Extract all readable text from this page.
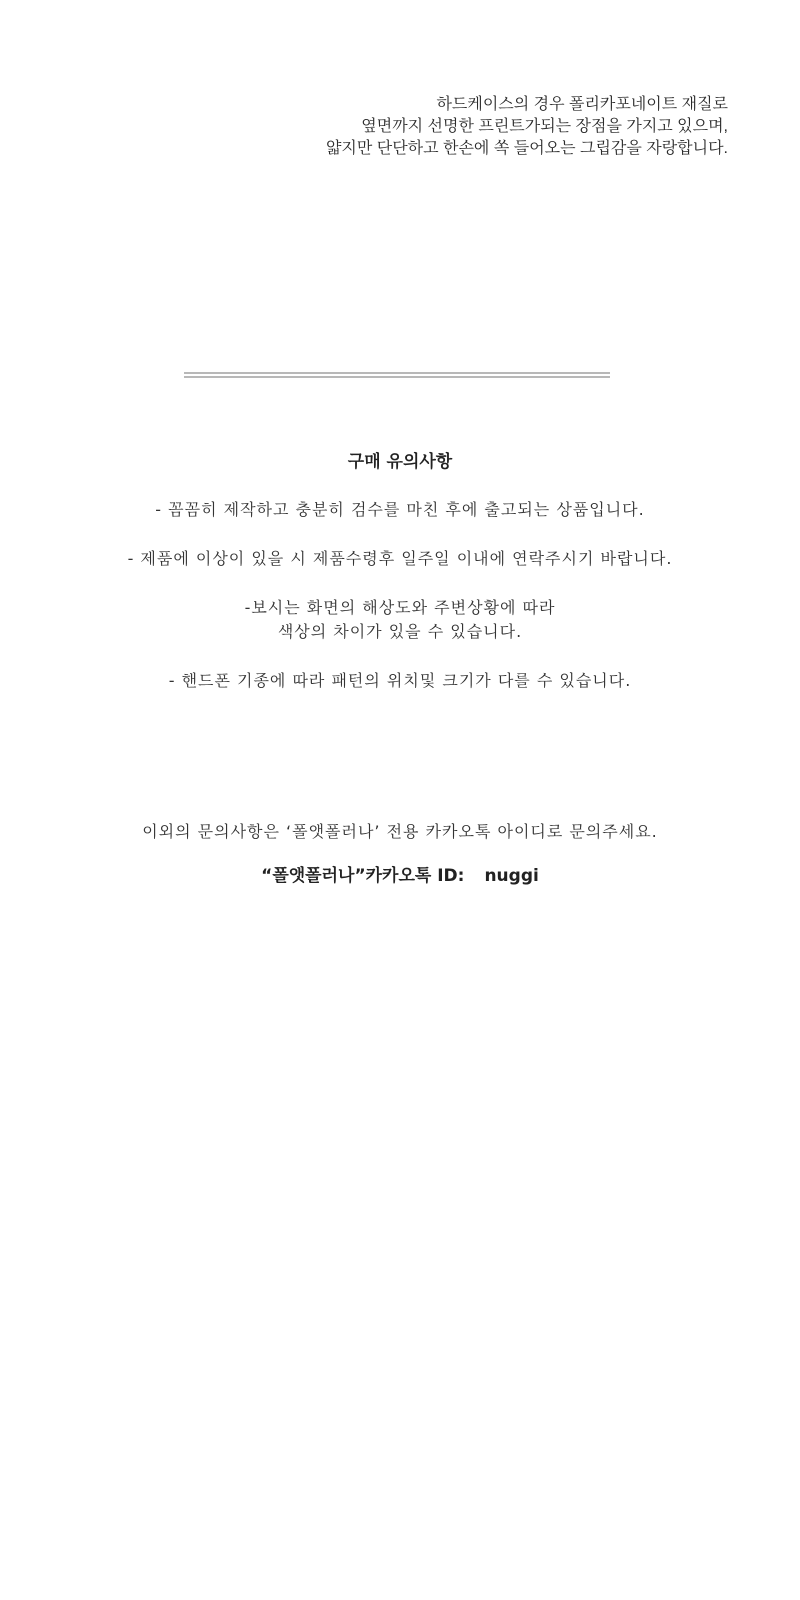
하드케이스의 경우 폴리카포네이트 재질로
옆면까지 선명한 프린트가되는 장점을 가지고 있으며,
얇지만 단단하고 한손에 쏙 들어오는 그립감을 자랑합니다.
구매 유의사항
- 꼼꼼히 제작하고 충분히 검수를 마친 후에 출고되는 상품입니다.
- 제품에 이상이 있을 시 제품수령후 일주일 이내에 연락주시기 바랍니다.
-보시는 화면의 해상도와 주변상황에 따라
색상의 차이가 있을 수 있습니다.
- 핸드폰 기종에 따라 패턴의 위치및 크기가 다를 수 있습니다.
이외의 문의사항은 ‘폴앳폴러나’ 전용 카카오톡 아이디로 문의주세요.
“폴앳폴러나”카카오톡 ID: nuggi
